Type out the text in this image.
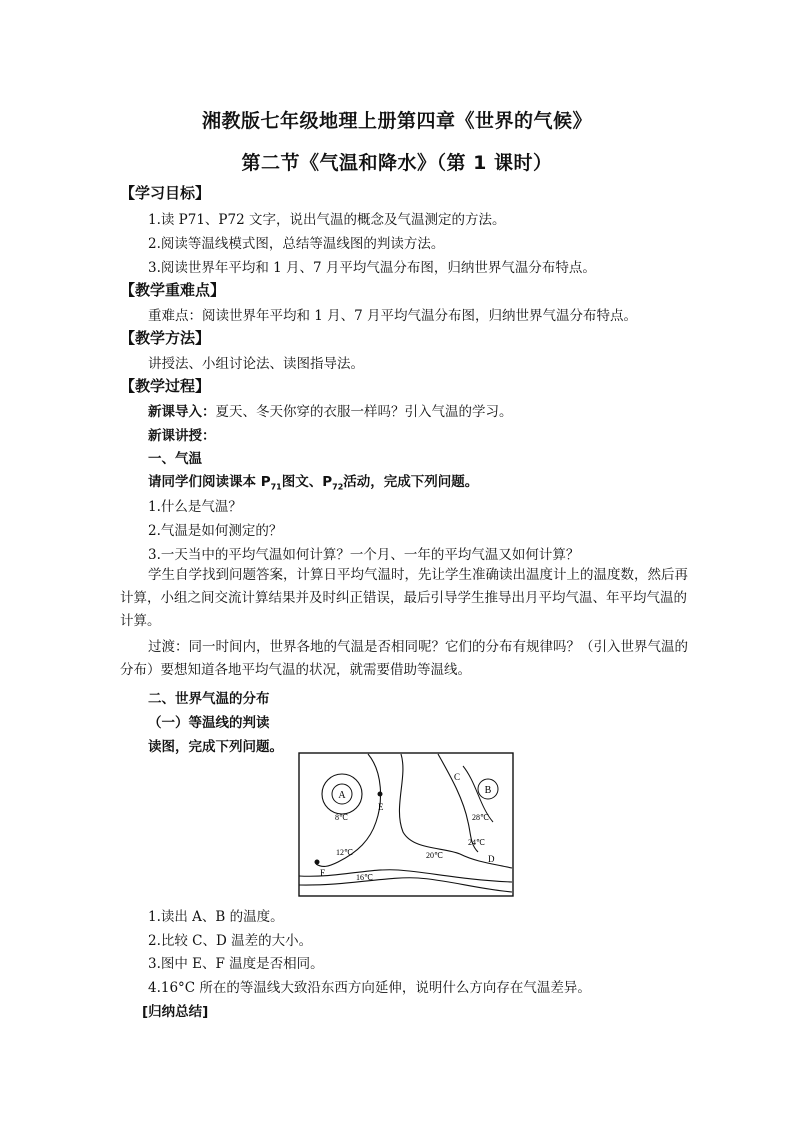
湘教版七年级地理上册第四章《世界的气候》
第二节《气温和降水》（第 1 课时）
【学习目标】
1.读 P71、P72 文字，说出气温的概念及气温测定的方法。
2.阅读等温线模式图，总结等温线图的判读方法。
3.阅读世界年平均和 1 月、7 月平均气温分布图，归纳世界气温分布特点。
【教学重难点】
重难点：阅读世界年平均和 1 月、7 月平均气温分布图，归纳世界气温分布特点。
【教学方法】
讲授法、小组讨论法、读图指导法。
【教学过程】
新课导入：夏天、冬天你穿的衣服一样吗？引入气温的学习。
新课讲授：
一、气温
请同学们阅读课本 $P_{71}$图文、$P_{72}$活动，完成下列问题。
1.什么是气温？
2.气温是如何测定的？
3.一天当中的平均气温如何计算？一个月、一年的平均气温又如何计算？
学生自学找到问题答案，计算日平均气温时，先让学生准确读出温度计上的温度数，然后再计算，小组之间交流计算结果并及时纠正错误，最后引导学生推导出月平均气温、年平均气温的计算。
过渡：同一时间内，世界各地的气温是否相同呢？它们的分布有规律吗？（引入世界气温的分布）要想知道各地平均气温的状况，就需要借助等温线。
二、世界气温的分布
（一）等温线的判读
读图，完成下列问题。
A	B
E
F
C
D
8℃
12℃
16℃
20℃
24℃
28℃
1.读出 A、B 的温度。
2.比较 C、D 温差的大小。
3.图中 E、F 温度是否相同。
4.16°C 所在的等温线大致沿东西方向延伸，说明什么方向存在气温差异。
[归纳总结]
